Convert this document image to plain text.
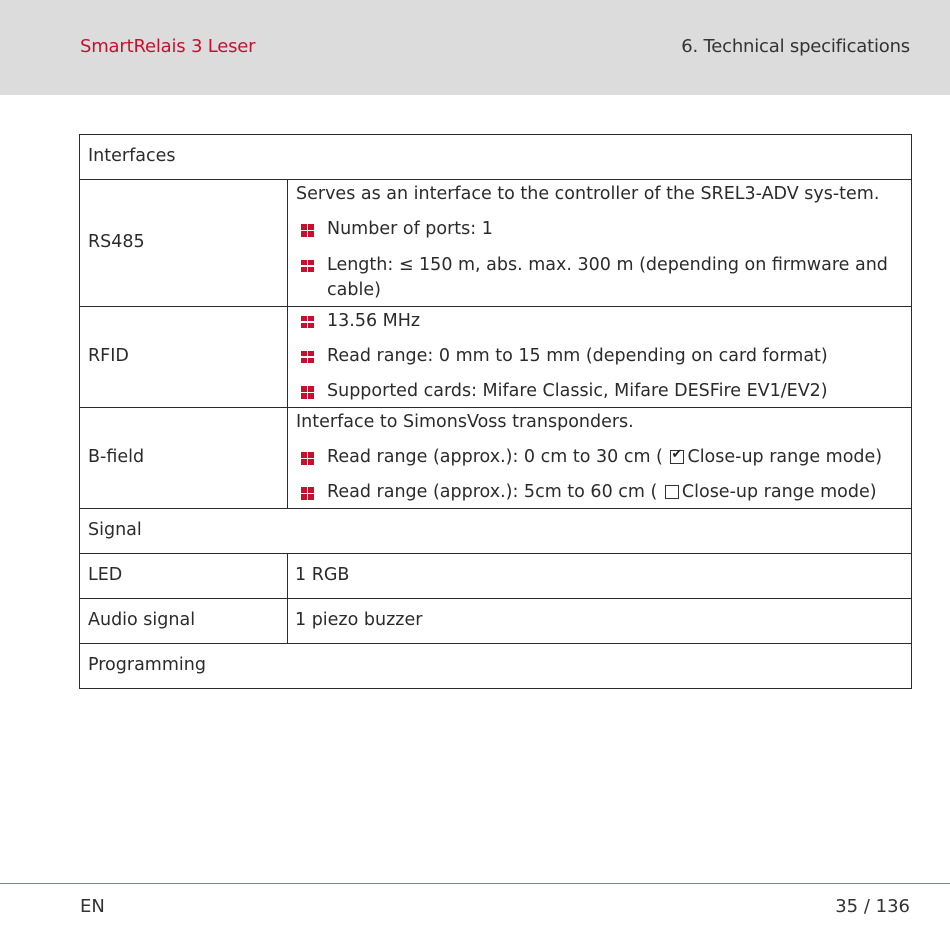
SmartRelais 3 Leser	6. Technical specifications
Interfaces	
RS485	Serves as an interface to the controller of the SREL3-ADV sys-tem.
Number of ports: 1
Length: ≤ 150 m, abs. max. 300 m (depending on firmware and cable)

RFID	13.56 MHz
Read range: 0 mm to 15 mm (depending on card format)
Supported cards: Mifare Classic, Mifare DESFire EV1/EV2)

B-field	Interface to SimonsVoss transponders.
Read range (approx.): 0 cm to 30 cm ( ✔ Close-up range mode)
Read range (approx.): 5cm to 60 cm ( Close-up range mode)

Signal	
LED	1 RGB
Audio signal	1 piezo buzzer
Programming	
EN	35 / 136
